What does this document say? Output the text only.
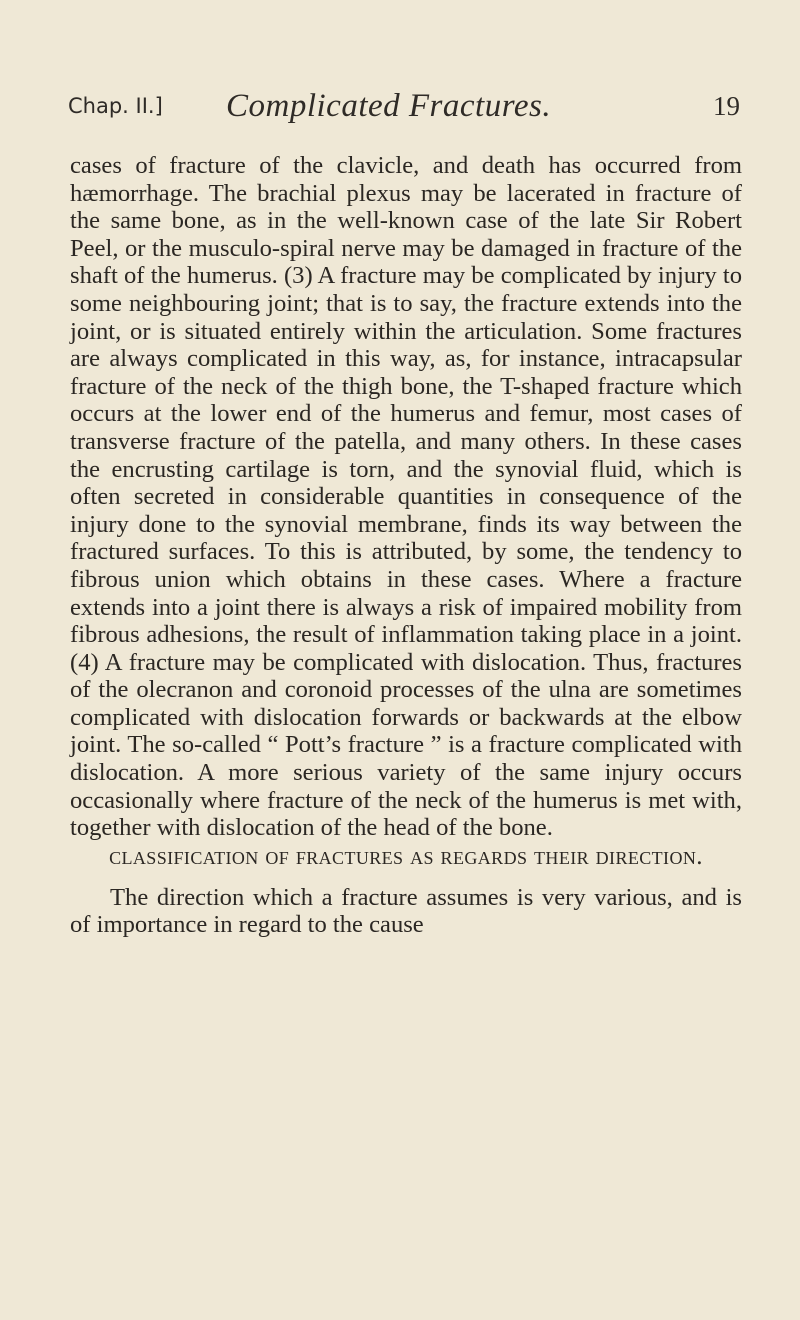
Chap. II.] Complicated Fractures.	19

cases of fracture of the clavicle, and death has occurred from hæmorrhage. The brachial plexus may be lacerated in fracture of the same bone, as in the well-known case of the late Sir Robert Peel, or the musculo-spiral nerve may be damaged in fracture of the shaft of the humerus. (3) A fracture may be complicated by injury to some neighbouring joint; that is to say, the fracture extends into the joint, or is situated entirely within the articulation. Some fractures are always complicated in this way, as, for instance, intracapsular fracture of the neck of the thigh bone, the T-shaped fracture which occurs at the lower end of the humerus and femur, most cases of transverse fracture of the patella, and many others. In these cases the encrusting cartilage is torn, and the synovial fluid, which is often secreted in considerable quantities in consequence of the injury done to the synovial membrane, finds its way between the fractured surfaces. To this is attributed, by some, the tendency to fibrous union which obtains in these cases. Where a fracture extends into a joint there is always a risk of impaired mobility from fibrous adhesions, the result of inflammation taking place in a joint. (4) A fracture may be complicated with dislocation. Thus, fractures of the olecranon and coronoid processes of the ulna are sometimes complicated with dislocation forwards or backwards at the elbow joint. The so-called “ Pott’s fracture ” is a fracture complicated with dislocation. A more serious variety of the same injury occurs occasionally where fracture of the neck of the humerus is met with, together with dislocation of the head of the bone.

classification of fractures as regards their direction.

The direction which a fracture assumes is very various, and is of importance in regard to the cause
